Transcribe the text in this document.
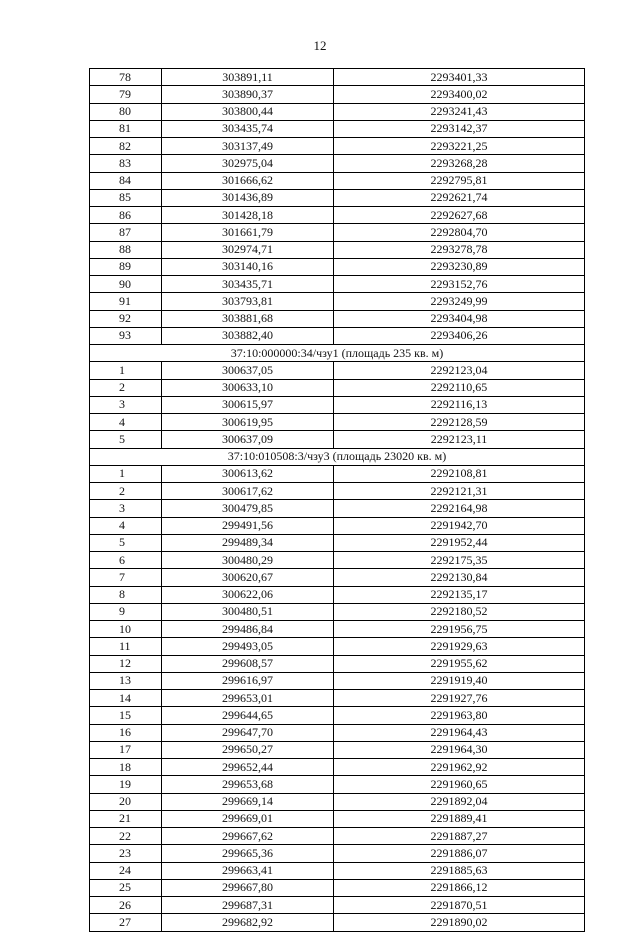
12
78	303891,11	2293401,33
79	303890,37	2293400,02
80	303800,44	2293241,43
81	303435,74	2293142,37
82	303137,49	2293221,25
83	302975,04	2293268,28
84	301666,62	2292795,81
85	301436,89	2292621,74
86	301428,18	2292627,68
87	301661,79	2292804,70
88	302974,71	2293278,78
89	303140,16	2293230,89
90	303435,71	2293152,76
91	303793,81	2293249,99
92	303881,68	2293404,98
93	303882,40	2293406,26
37:10:000000:34/чзу1 (площадь 235 кв. м)		
1	300637,05	2292123,04
2	300633,10	2292110,65
3	300615,97	2292116,13
4	300619,95	2292128,59
5	300637,09	2292123,11
37:10:010508:3/чзу3 (площадь 23020 кв. м)		
1	300613,62	2292108,81
2	300617,62	2292121,31
3	300479,85	2292164,98
4	299491,56	2291942,70
5	299489,34	2291952,44
6	300480,29	2292175,35
7	300620,67	2292130,84
8	300622,06	2292135,17
9	300480,51	2292180,52
10	299486,84	2291956,75
11	299493,05	2291929,63
12	299608,57	2291955,62
13	299616,97	2291919,40
14	299653,01	2291927,76
15	299644,65	2291963,80
16	299647,70	2291964,43
17	299650,27	2291964,30
18	299652,44	2291962,92
19	299653,68	2291960,65
20	299669,14	2291892,04
21	299669,01	2291889,41
22	299667,62	2291887,27
23	299665,36	2291886,07
24	299663,41	2291885,63
25	299667,80	2291866,12
26	299687,31	2291870,51
27	299682,92	2291890,02
